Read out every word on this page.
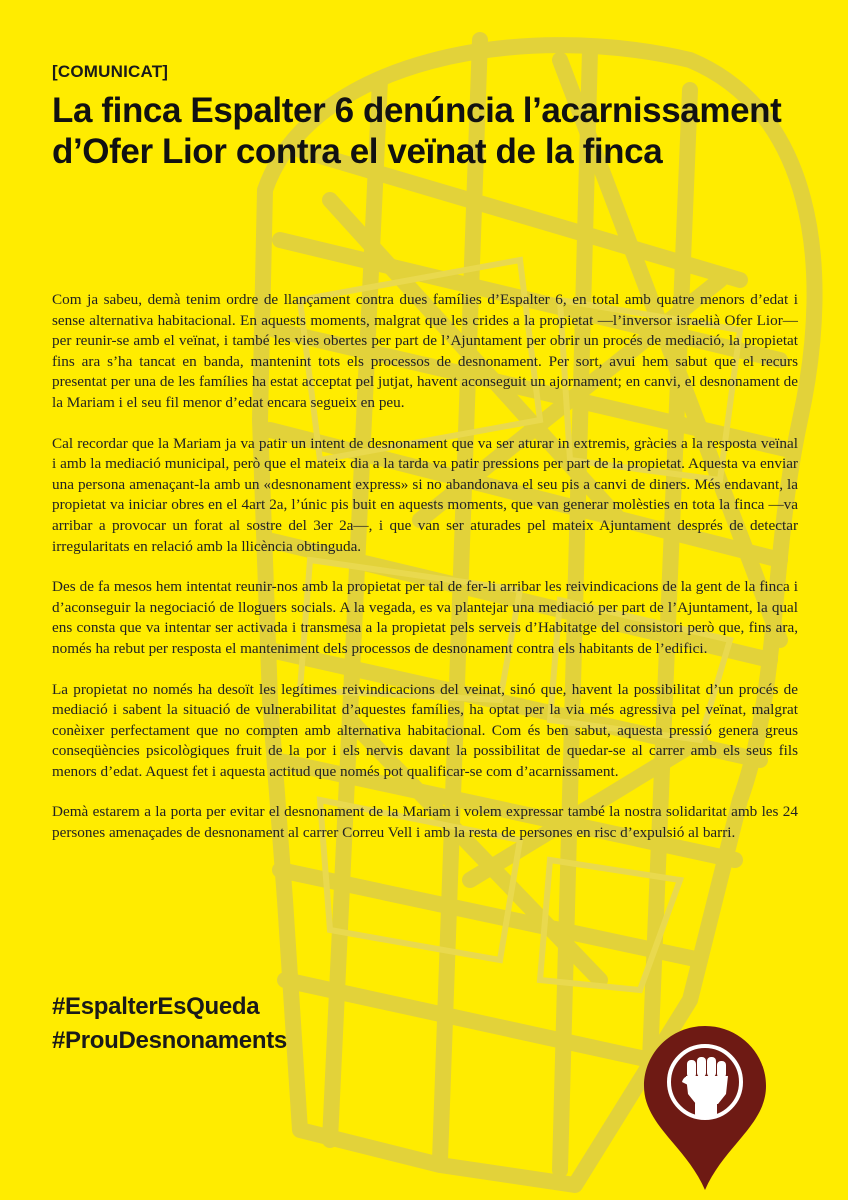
[COMUNICAT]

La finca Espalter 6 denúncia l’acarnissament d’Ofer Lior contra el veïnat de la finca

Com ja sabeu, demà tenim ordre de llançament contra dues famílies d’Espalter 6, en total amb quatre menors d’edat i sense alternativa habitacional. En aquests moments, malgrat que les crides a la propietat —l’inversor israelià Ofer Lior— per reunir-se amb el veïnat, i també les vies obertes per part de l’Ajuntament per obrir un procés de mediació, la propietat fins ara s’ha tancat en banda, mantenint tots els processos de desnonament. Per sort, avui hem sabut que el recurs presentat per una de les famílies ha estat acceptat pel jutjat, havent aconseguit un ajornament; en canvi, el desnonament de la Mariam i el seu fil menor d’edat encara segueix en peu.

Cal recordar que la Mariam ja va patir un intent de desnonament que va ser aturar in extremis, gràcies a la resposta veïnal i amb la mediació municipal, però que el mateix dia a la tarda va patir pressions per part de la propietat. Aquesta va enviar una persona amenaçant-la amb un «desnonament express» si no abandonava el seu pis a canvi de diners. Més endavant, la propietat va iniciar obres en el 4art 2a, l’únic pis buit en aquests moments, que van generar molèsties en tota la finca —va arribar a provocar un forat al sostre del 3er 2a—, i que van ser aturades pel mateix Ajuntament després de detectar irregularitats en relació amb la llicència obtinguda.

Des de fa mesos hem intentat reunir-nos amb la propietat per tal de fer-li arribar les reivindicacions de la gent de la finca i d’aconseguir la negociació de lloguers socials. A la vegada, es va plantejar una mediació per part de l’Ajuntament, la qual ens consta que va intentar ser activada i transmesa a la propietat pels serveis d’Habitatge del consistori però que, fins ara, només ha rebut per resposta el manteniment dels processos de desnonament contra els habitants de l’edifici.

La propietat no només ha desoït les legítimes reivindicacions del veinat, sinó que, havent la possibilitat d’un procés de mediació i sabent la situació de vulnerabilitat d’aquestes famílies, ha optat per la via més agressiva pel veïnat, malgrat conèixer perfectament que no compten amb alternativa habitacional. Com és ben sabut, aquesta pressió genera greus conseqüències psicològiques fruit de la por i els nervis davant la possibilitat de quedar-se al carrer amb els seus fils menors d’edat. Aquest fet i aquesta actitud que només pot qualificar-se com d’acarnissament.

Demà estarem a la porta per evitar el desnonament de la Mariam i volem expressar també la nostra solidaritat amb les 24 persones amenaçades de desnonament al carrer Correu Vell i amb la resta de persones en risc d’expulsió al barri.

#EspalterEsQueda

#ProuDesnonaments
